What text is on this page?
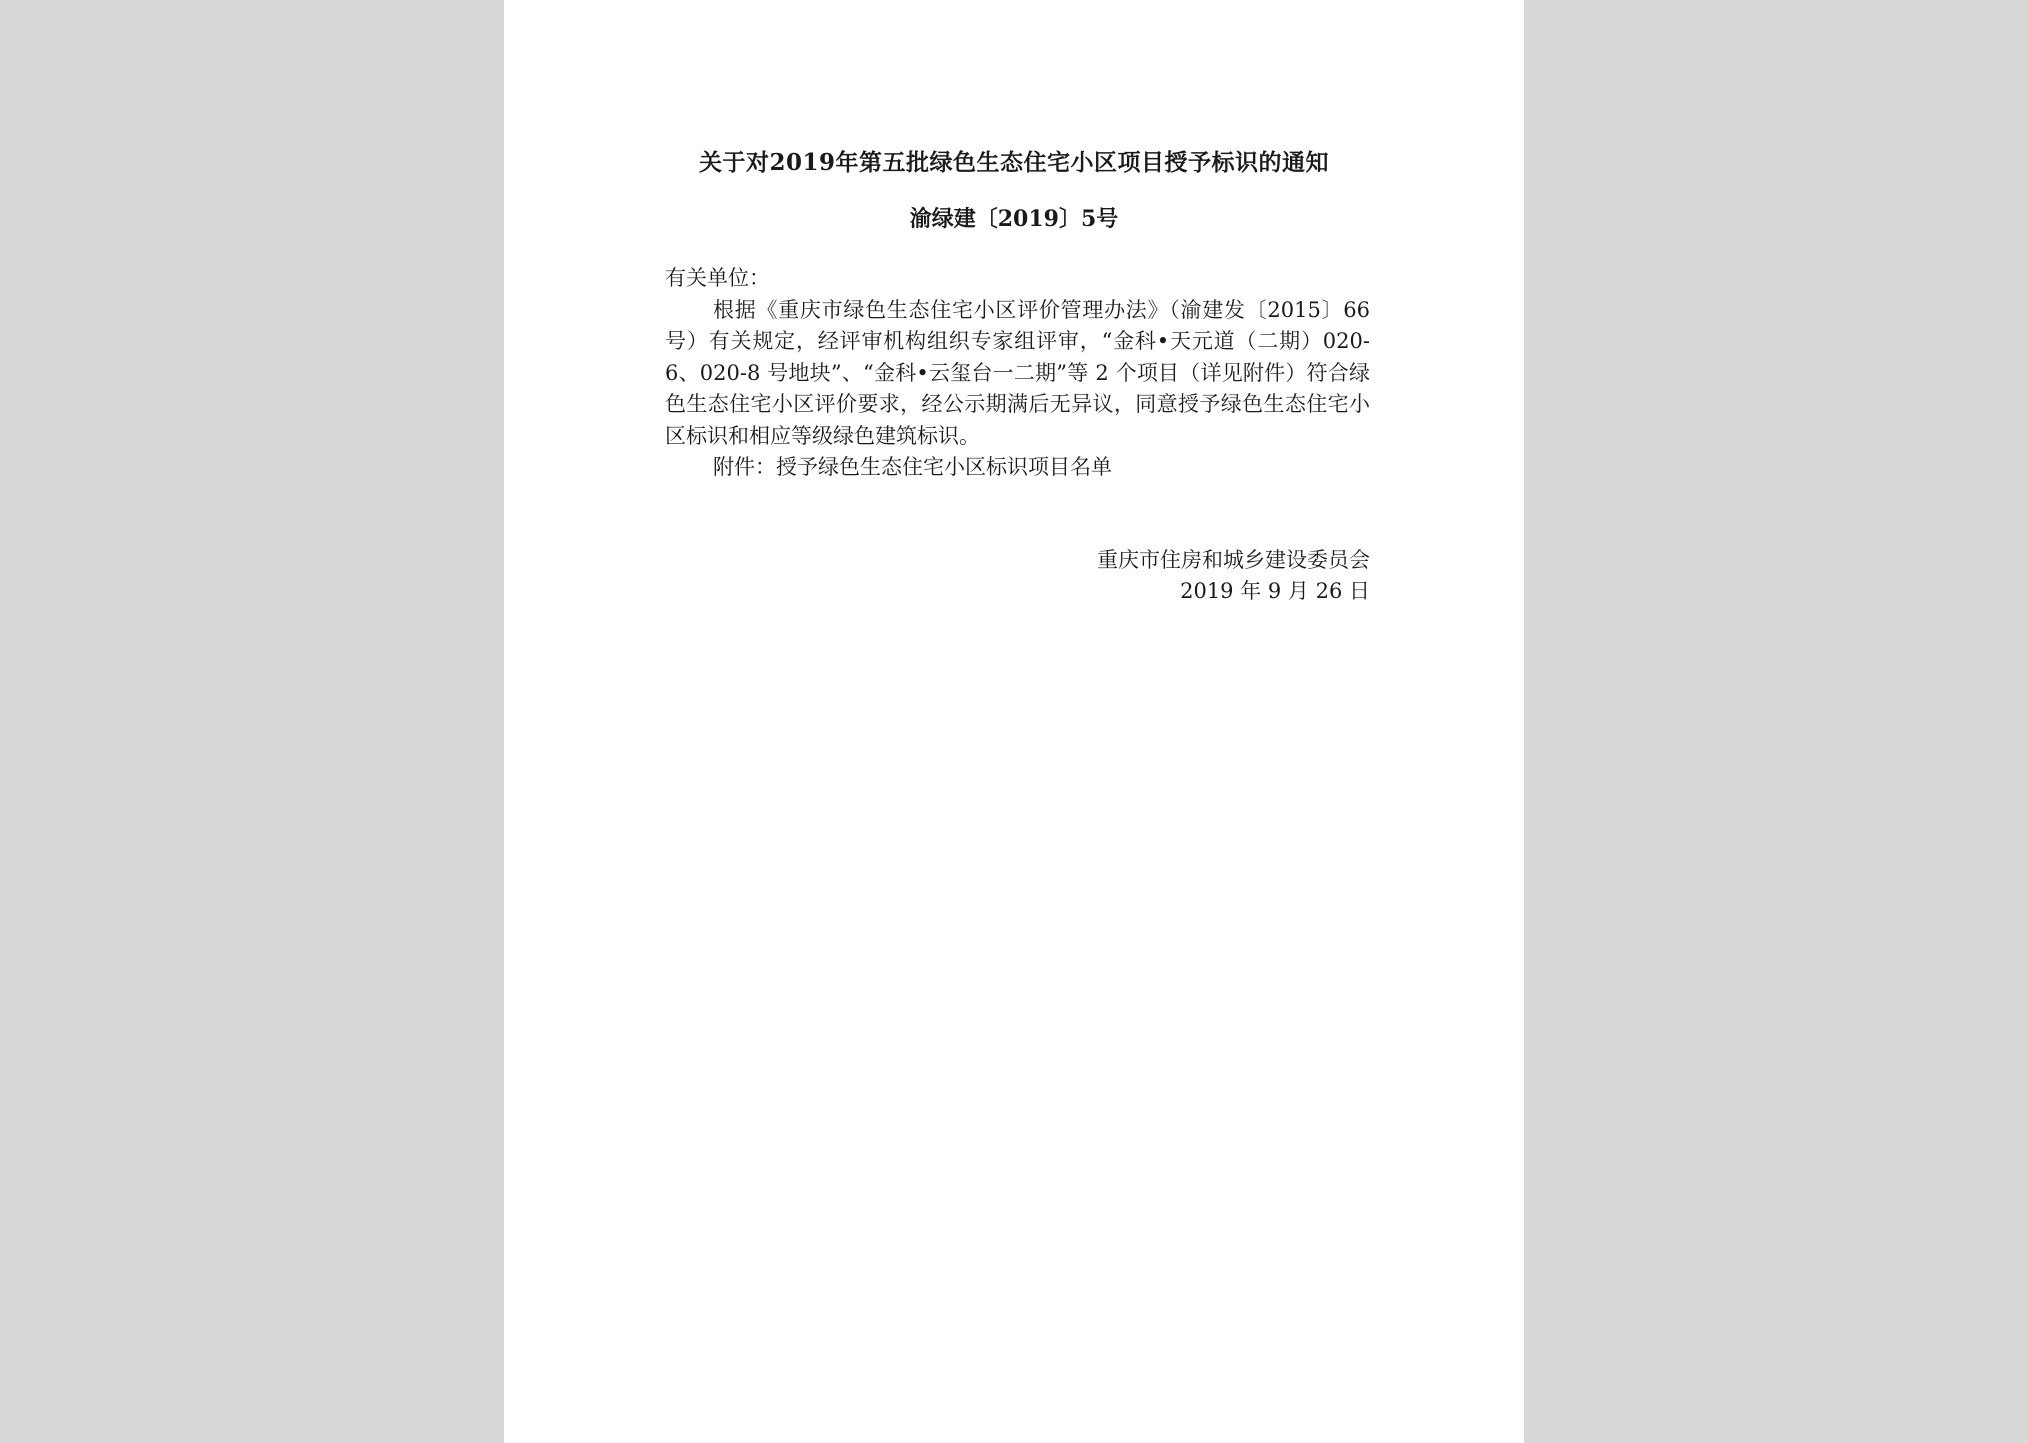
关于对2019年第五批绿色生态住宅小区项目授予标识的通知
渝绿建〔2019〕5号

有关单位：

根据《重庆市绿色生态住宅小区评价管理办法》（渝建发〔2015〕66 号）有关规定，经评审机构组织专家组评审，“金科•天元道（二期）020-6、020-8 号地块”、“金科•云玺台一二期”等 2 个项目（详见附件）符合绿色生态住宅小区评价要求，经公示期满后无异议，同意授予绿色生态住宅小区标识和相应等级绿色建筑标识。

附件：授予绿色生态住宅小区标识项目名单

重庆市住房和城乡建设委员会
2019 年 9 月 26 日
